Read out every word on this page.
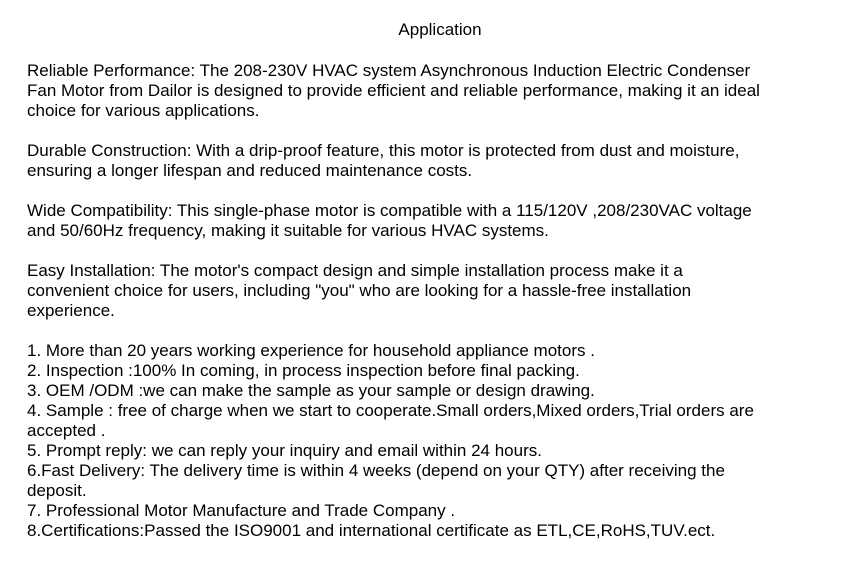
Application
Reliable Performance: The 208-230V HVAC system Asynchronous Induction Electric Condenser
Fan Motor from Dailor is designed to provide efficient and reliable performance, making it an ideal
choice for various applications.
Durable Construction: With a drip-proof feature, this motor is protected from dust and moisture,
ensuring a longer lifespan and reduced maintenance costs.
Wide Compatibility: This single-phase motor is compatible with a 115/120V ,208/230VAC voltage
and 50/60Hz frequency, making it suitable for various HVAC systems.
Easy Installation: The motor's compact design and simple installation process make it a
convenient choice for users, including "you" who are looking for a hassle-free installation
experience.
1. More than 20 years working experience for household appliance motors .
2. Inspection :100% In coming, in process inspection before final packing.
3. OEM /ODM :we can make the sample as your sample or design drawing.
4. Sample : free of charge when we start to cooperate.Small orders,Mixed orders,Trial orders are
accepted .
5. Prompt reply: we can reply your inquiry and email within 24 hours.
6.Fast Delivery: The delivery time is within 4 weeks (depend on your QTY) after receiving the
deposit.
7. Professional Motor Manufacture and Trade Company .
8.Certifications:Passed the ISO9001 and international certificate as ETL,CE,RoHS,TUV.ect.
